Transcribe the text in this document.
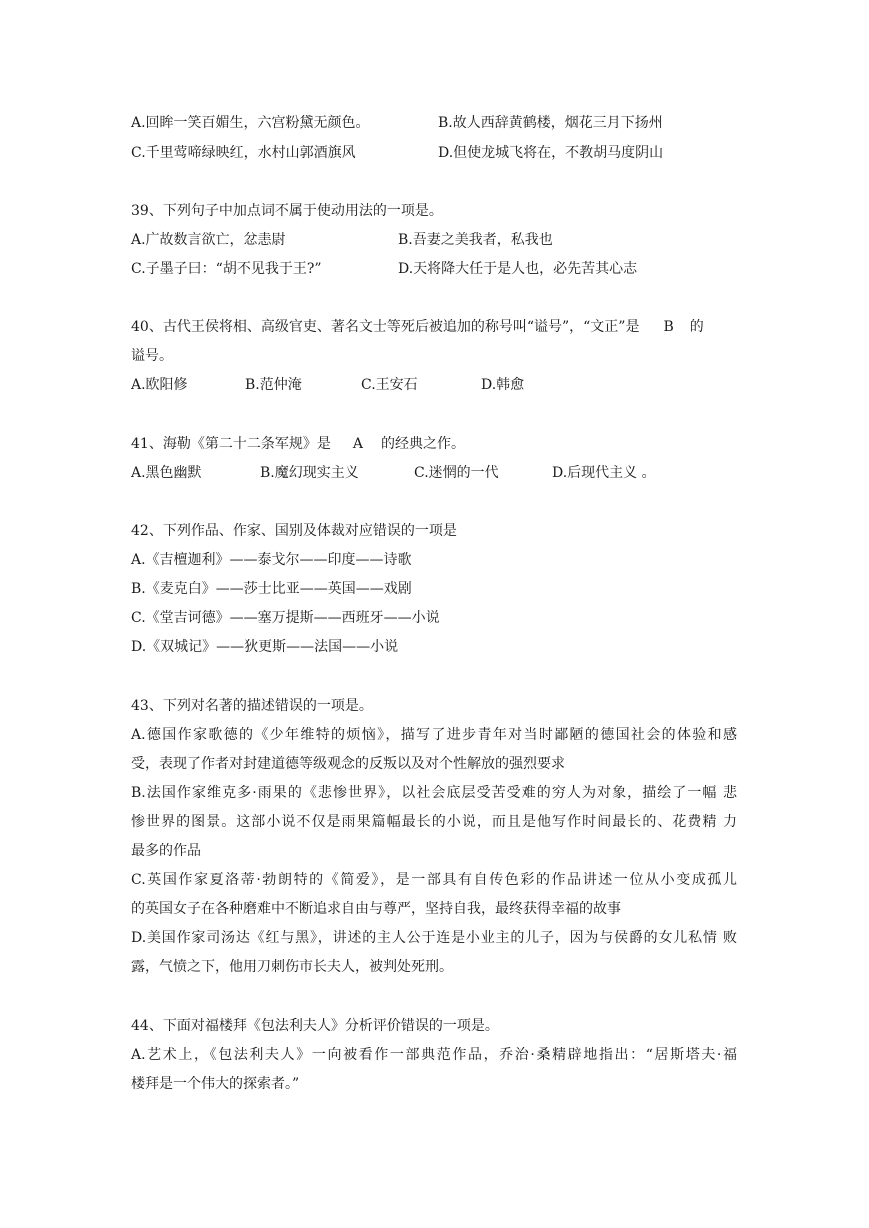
A.回眸一笑百媚生，六宫粉黛无颜色。	B.故人西辞黄鹤楼，烟花三月下扬州
C.千里莺啼绿映红，水村山郭酒旗风	D.但使龙城飞将在，不教胡马度阴山
39、下列句子中加点词不属于使动用法的一项是。
A.广故数言欲亡，忿恚尉	B.吾妻之美我者，私我也
C.子墨子曰：“胡不见我于王?”	D.天将降大任于是人也，必先苦其心志
40、古代王侯将相、高级官吏、著名文士等死后被追加的称号叫“谥号”，“文正”是 B 的
谥号。
A.欧阳修	B.范仲淹	C.王安石	D.韩愈
41、海勒《第二十二条军规》是 A 的经典之作。
A.黑色幽默	B.魔幻现实主义	C.迷惘的一代	D.后现代主义 。
42、下列作品、作家、国别及体裁对应错误的一项是
A.《吉檀迦利》——泰戈尔——印度——诗歌
B.《麦克白》——莎士比亚——英国——戏剧
C.《堂吉诃德》——塞万提斯——西班牙——小说
D.《双城记》——狄更斯——法国——小说
43、下列对名著的描述错误的一项是。
A.德国作家歌德的《少年维特的烦恼》，描写了进步青年对当时鄙陋的德国社会的体验和感
受，表现了作者对封建道德等级观念的反叛以及对个性解放的强烈要求
B.法国作家维克多·雨果的《悲惨世界》，以社会底层受苦受难的穷人为对象，描绘了一幅 悲
惨世界的图景。这部小说不仅是雨果篇幅最长的小说，而且是他写作时间最长的、花费精 力
最多的作品
C.英国作家夏洛蒂·勃朗特的《简爱》，是一部具有自传色彩的作品讲述一位从小变成孤儿
的英国女子在各种磨难中不断追求自由与尊严，坚持自我，最终获得幸福的故事
D.美国作家司汤达《红与黑》，讲述的主人公于连是小业主的儿子，因为与侯爵的女儿私情 败
露，气愤之下，他用刀刺伤市长夫人，被判处死刑。
44、下面对福楼拜《包法利夫人》分析评价错误的一项是。
A.艺术上，《包法利夫人》一向被看作一部典范作品，乔治·桑精辟地指出：“居斯塔夫·福
楼拜是一个伟大的探索者。”
